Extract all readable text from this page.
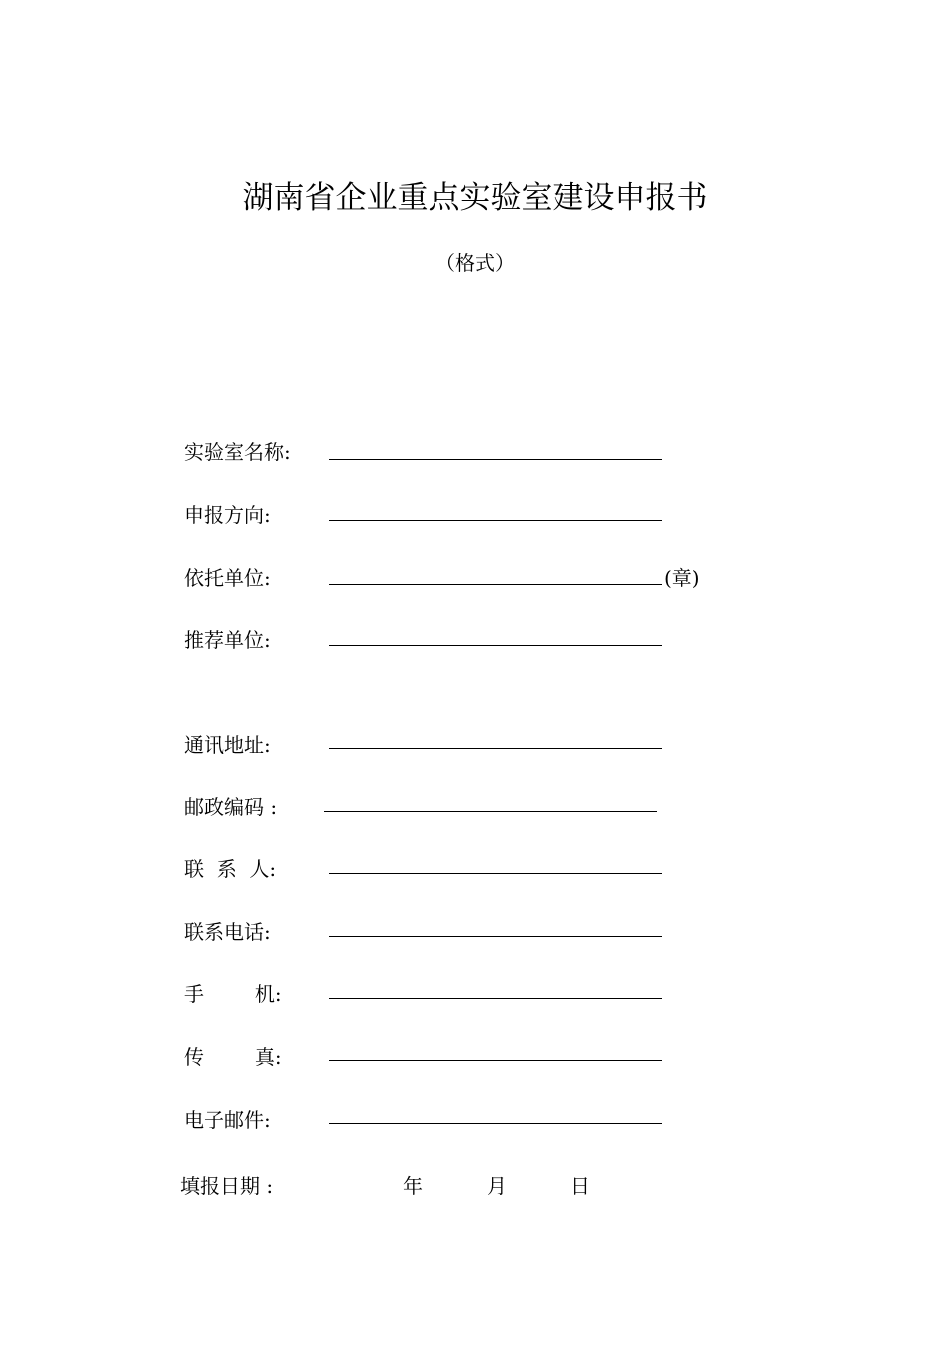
湖南省企业重点实验室建设申报书
（格式）
实验室名称:
申报方向:
依托单位:	(章)
推荐单位:
通讯地址:
邮政编码 :
联  系  人:
联系电话:
手        机:
传        真:
电子邮件:
填报日期 :	年	月	日
